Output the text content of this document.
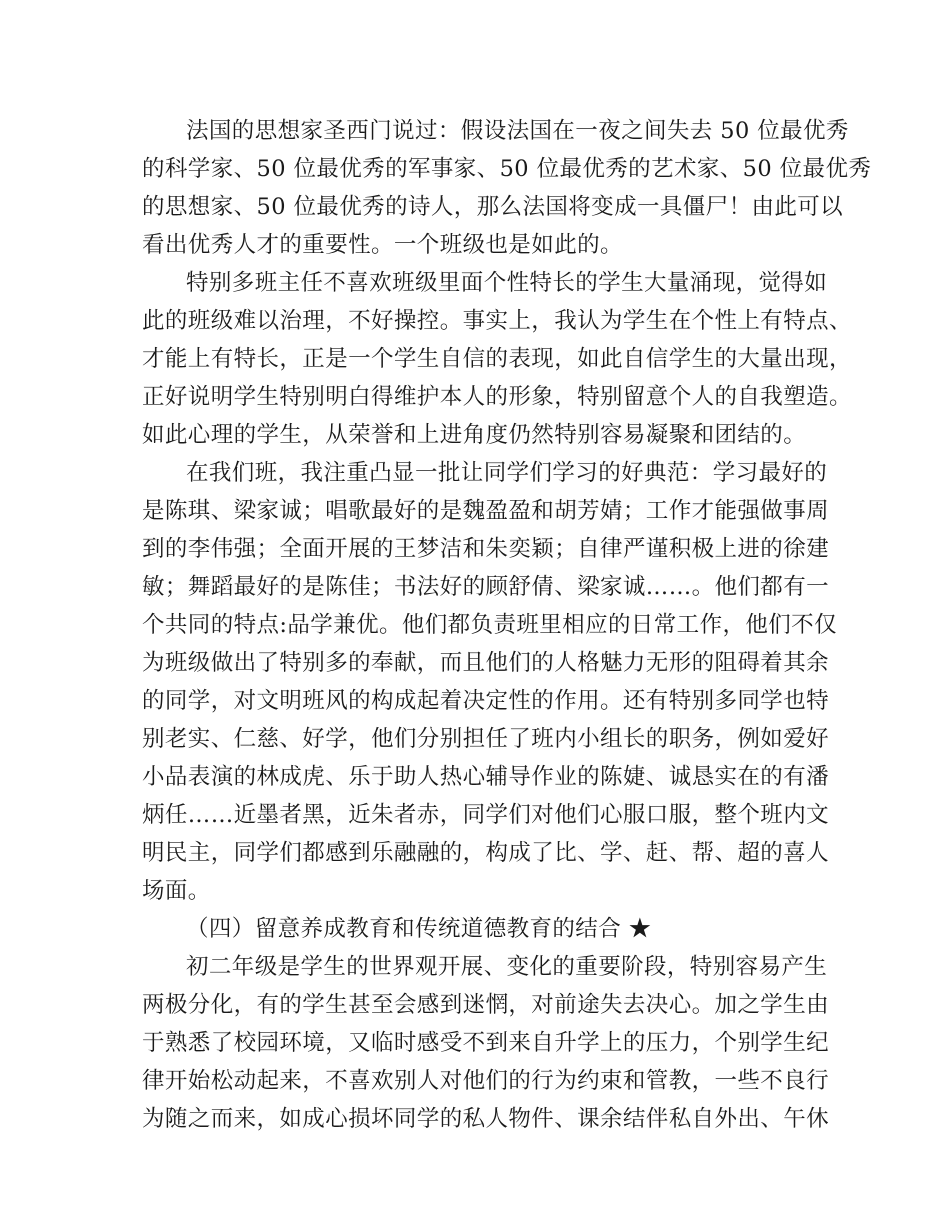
法国的思想家圣西门说过：假设法国在一夜之间失去 50 位最优秀
的科学家、50 位最优秀的军事家、50 位最优秀的艺术家、50 位最优秀
的思想家、50 位最优秀的诗人，那么法国将变成一具僵尸！由此可以
看出优秀人才的重要性。一个班级也是如此的。
特别多班主任不喜欢班级里面个性特长的学生大量涌现，觉得如
此的班级难以治理，不好操控。事实上，我认为学生在个性上有特点、
才能上有特长，正是一个学生自信的表现，如此自信学生的大量出现，
正好说明学生特别明白得维护本人的形象，特别留意个人的自我塑造。
如此心理的学生，从荣誉和上进角度仍然特别容易凝聚和团结的。
在我们班，我注重凸显一批让同学们学习的好典范：学习最好的
是陈琪、梁家诚；唱歌最好的是魏盈盈和胡芳婧；工作才能强做事周
到的李伟强；全面开展的王梦洁和朱奕颖；自律严谨积极上进的徐建
敏；舞蹈最好的是陈佳；书法好的顾舒倩、梁家诚……。他们都有一
个共同的特点:品学兼优。他们都负责班里相应的日常工作，他们不仅
为班级做出了特别多的奉献，而且他们的人格魅力无形的阻碍着其余
的同学，对文明班风的构成起着决定性的作用。还有特别多同学也特
别老实、仁慈、好学，他们分别担任了班内小组长的职务，例如爱好
小品表演的林成虎、乐于助人热心辅导作业的陈婕、诚恳实在的有潘
炳任……近墨者黑，近朱者赤，同学们对他们心服口服，整个班内文
明民主，同学们都感到乐融融的，构成了比、学、赶、帮、超的喜人
场面。
（四）留意养成教育和传统道德教育的结合 ★
初二年级是学生的世界观开展、变化的重要阶段，特别容易产生
两极分化，有的学生甚至会感到迷惘，对前途失去决心。加之学生由
于熟悉了校园环境，又临时感受不到来自升学上的压力，个别学生纪
律开始松动起来，不喜欢别人对他们的行为约束和管教，一些不良行
为随之而来，如成心损坏同学的私人物件、课余结伴私自外出、午休
